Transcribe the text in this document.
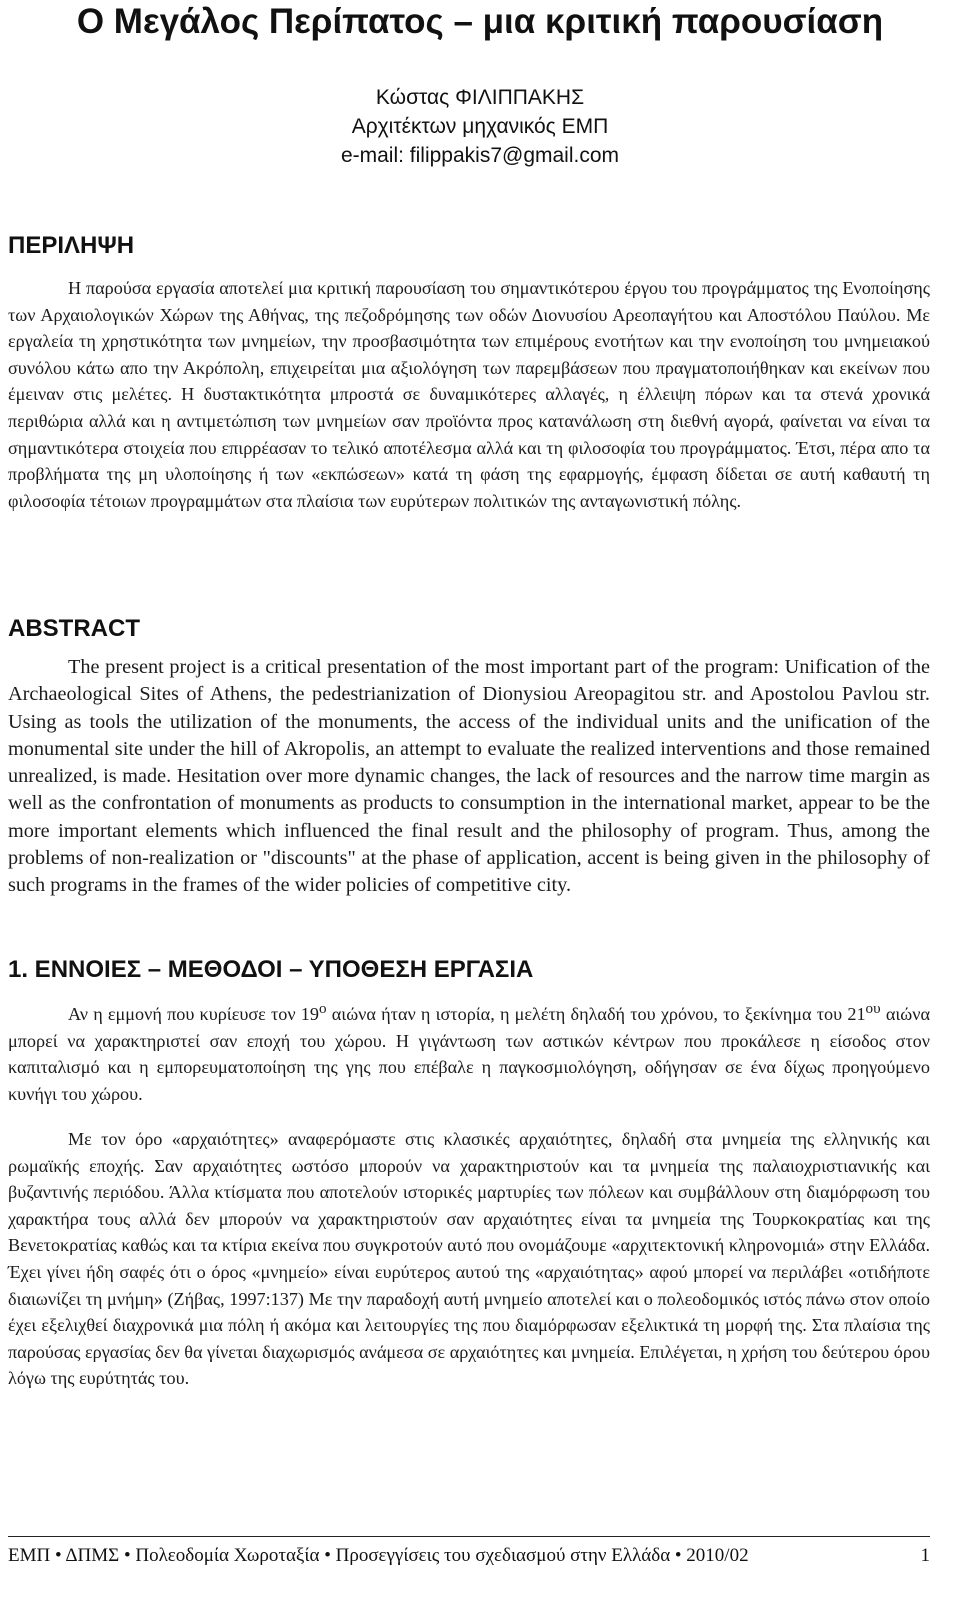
Ο Μεγάλος Περίπατος – μια κριτική παρουσίαση
Κώστας ΦΙΛΙΠΠΑΚΗΣ
Αρχιτέκτων μηχανικός ΕΜΠ
e-mail: filippakis7@gmail.com
ΠΕΡΙΛΗΨΗ

Η παρούσα εργασία αποτελεί μια κριτική παρουσίαση του σημαντικότερου έργου του προγράμματος της Ενοποίησης των Αρχαιολογικών Χώρων της Αθήνας, της πεζοδρόμησης των οδών Διονυσίου Αρεοπαγήτου και Αποστόλου Παύλου. Με εργαλεία τη χρηστικότητα των μνημείων, την προσβασιμότητα των επιμέρους ενοτήτων και την ενοποίηση του μνημειακού συνόλου κάτω απο την Ακρόπολη, επιχειρείται μια αξιολόγηση των παρεμβάσεων που πραγματοποιήθηκαν και εκείνων που έμειναν στις μελέτες. Η δυστακτικότητα μπροστά σε δυναμικότερες αλλαγές, η έλλειψη πόρων και τα στενά χρονικά περιθώρια αλλά και η αντιμετώπιση των μνημείων σαν προϊόντα προς κατανάλωση στη διεθνή αγορά, φαίνεται να είναι τα σημαντικότερα στοιχεία που επιρρέασαν το τελικό αποτέλεσμα αλλά και τη φιλοσοφία του προγράμματος. Έτσι, πέρα απο τα προβλήματα της μη υλοποίησης ή των «εκπώσεων» κατά τη φάση της εφαρμογής, έμφαση δίδεται σε αυτή καθαυτή τη φιλοσοφία τέτοιων προγραμμάτων στα πλαίσια των ευρύτερων πολιτικών της ανταγωνιστική πόλης.

ABSTRACT

The present project is a critical presentation of the most important part of the program: Unification of the Archaeological Sites of Athens, the pedestrianization of Dionysiou Areopagitou str. and Apostolou Pavlou str. Using as tools the utilization of the monuments, the access of the individual units and the unification of the monumental site under the hill of Akropolis, an attempt to evaluate the realized interventions and those remained unrealized, is made. Hesitation over more dynamic changes, the lack of resources and the narrow time margin as well as the confrontation of monuments as products to consumption in the international market, appear to be the more important elements which influenced the final result and the philosophy of program. Thus, among the problems of non-realization or "discounts" at the phase of application, accent is being given in the philosophy of such programs in the frames of the wider policies of competitive city.

1. ΕΝΝΟΙΕΣ – ΜΕΘΟΔΟΙ – ΥΠΟΘΕΣΗ ΕΡΓΑΣΙΑ

Αν η εμμονή που κυρίευσε τον $19^o$ αιώνα ήταν η ιστορία, η μελέτη δηλαδή του χρόνου, το ξεκίνημα του $21^{o\upsilon}$ αιώνα μπορεί να χαρακτηριστεί σαν εποχή του χώρου. Η γιγάντωση των αστικών κέντρων που προκάλεσε η είσοδος στον καπιταλισμό και η εμπορευματοποίηση της γης που επέβαλε η παγκοσμιολόγηση, οδήγησαν σε ένα δίχως προηγούμενο κυνήγι του χώρου.

Με τον όρο «αρχαιότητες» αναφερόμαστε στις κλασικές αρχαιότητες, δηλαδή στα μνημεία της ελληνικής και ρωμαϊκής εποχής. Σαν αρχαιότητες ωστόσο μπορούν να χαρακτηριστούν και τα μνημεία της παλαιοχριστιανικής και βυζαντινής περιόδου. Άλλα κτίσματα που αποτελούν ιστορικές μαρτυρίες των πόλεων και συμβάλλουν στη διαμόρφωση του χαρακτήρα τους αλλά δεν μπορούν να χαρακτηριστούν σαν αρχαιότητες είναι τα μνημεία της Τουρκοκρατίας και της Βενετοκρατίας καθώς και τα κτίρια εκείνα που συγκροτούν αυτό που ονομάζουμε «αρχιτεκτονική κληρονομιά» στην Ελλάδα. Έχει γίνει ήδη σαφές ότι ο όρος «μνημείο» είναι ευρύτερος αυτού της «αρχαιότητας» αφού μπορεί να περιλάβει «οτιδήποτε διαιωνίζει τη μνήμη» (Ζήβας, 1997:137) Με την παραδοχή αυτή μνημείο αποτελεί και ο πολεοδομικός ιστός πάνω στον οποίο έχει εξελιχθεί διαχρονικά μια πόλη ή ακόμα και λειτουργίες της που διαμόρφωσαν εξελικτικά τη μορφή της. Στα πλαίσια της παρούσας εργασίας δεν θα γίνεται διαχωρισμός ανάμεσα σε αρχαιότητες και μνημεία. Επιλέγεται, η χρήση του δεύτερου όρου λόγω της ευρύτητάς του.

ΕΜΠ • ΔΠΜΣ • Πολεοδομία Χωροταξία • Προσεγγίσεις του σχεδιασμού στην Ελλάδα • 2010/02	1
